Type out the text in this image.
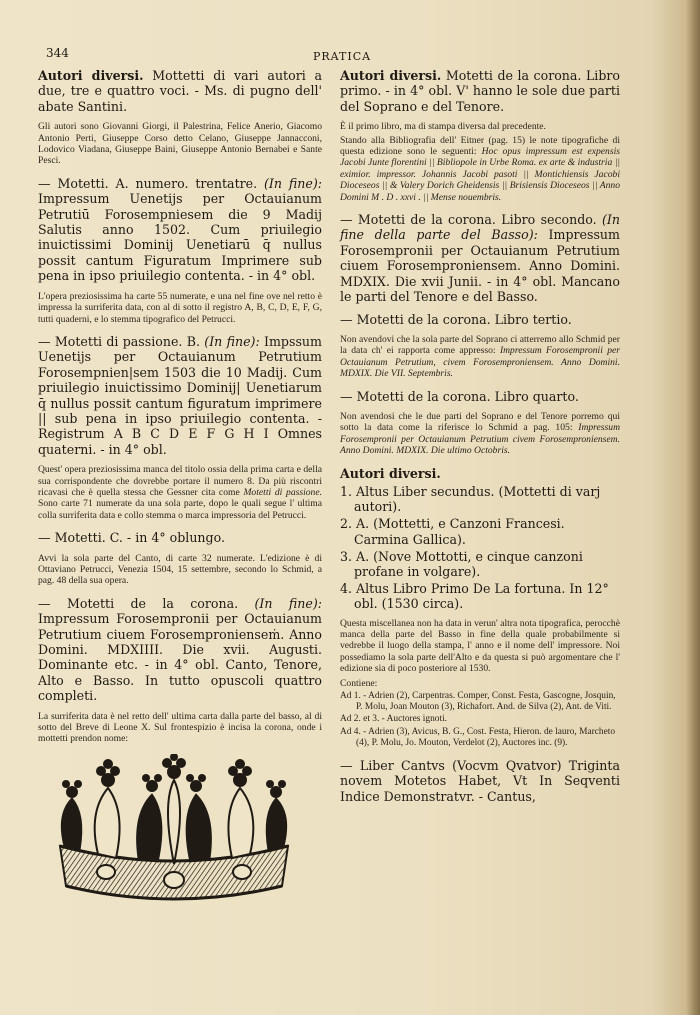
344	PRATICA

Autori diversi. Mottetti di vari autori a due, tre e quattro voci. - Ms. di pugno dell' abate Santini.

Gli autori sono Giovanni Giorgi, il Palestrina, Felice Anerio, Giacomo Antonio Perti, Giuseppe Corso detto Celano, Giuseppe Jannacconi, Lodovico Viadana, Giuseppe Baini, Giuseppe Antonio Bernabei e Sante Pesci.

— Motetti. A. numero. trentatre. (In fine): Impressum Uenetijs per Octauianum Petrutiū Forosempniesem die 9 Madij Salutis anno 1502. Cum priuilegio inuictissimi Dominij Uenetiarū q̄ nullus possit cantum Figuratum Imprimere sub pena in ipso priuilegio contenta. - in 4° obl.

L'opera preziosissima ha carte 55 numerate, e una nel fine ove nel retto è impressa la surriferita data, con al di sotto il registro A, B, C, D, E, F, G, tutti quaderni, e lo stemma tipografico del Petrucci.

— Motetti di passione. B. (In fine): Impssum Uenetijs per Octauianum Petrutium Forosempnien|sem 1503 die 10 Madij. Cum priuilegio inuictissimo Dominij| Uenetiarum q̄ nullus possit cantum figuratum imprimere || sub pena in ipso priuilegio contenta. - Registrum A B C D E F G H I Omnes quaterni. - in 4° obl.

Quest' opera preziosissima manca del titolo ossia della prima carta e della sua corrispondente che dovrebbe portare il numero 8. Da più riscontri ricavasi che è quella stessa che Gessner cita come Motetti di passione. Sono carte 71 numerate da una sola parte, dopo le quali segue l' ultima colla surriferita data e collo stemma o marca impressoria del Petrucci.

— Motetti. C. - in 4° oblungo.

Avvi la sola parte del Canto, di carte 32 numerate. L'edizione è di Ottaviano Petrucci, Venezia 1504, 15 settembre, secondo lo Schmid, a pag. 48 della sua opera.

— Motetti de la corona. (In fine): Impressum Forosempronii per Octauianum Petrutium ciuem Forosempronienseṁ. Anno Domini. MDXIIII. Die xvii. Augusti. Dominante etc. - in 4° obl. Canto, Tenore, Alto e Basso. In tutto opuscoli quattro completi.

La surriferita data è nel retto dell' ultima carta dalla parte del basso, al di sotto del Breve di Leone X. Sul frontespizio è incisa la corona, onde i mottetti prendon nome:

Autori diversi. Motetti de la corona. Libro primo. - in 4° obl. V' hanno le sole due parti del Soprano e del Tenore.

È il primo libro, ma di stampa diversa dal precedente.

Stando alla Bibliografia dell' Eitner (pag. 15) le note tipografiche di questa edizione sono le seguenti: Hoc opus impressum est expensis Jacobi Junte florentini || Bibliopole in Urbe Roma. ex arte & industria || eximior. impressor. Johannis Jacobi pasoti || Montichiensis Jacobi Dioceseos || & Valery Dorich Gheidensis || Brisiensis Dioceseos || Anno Domini M . D . xxvi . || Mense nouembris.

— Motetti de la corona. Libro secondo. (In fine della parte del Basso): Impressum Forosempronii per Octauianum Petrutium ciuem Forosemproniensem. Anno Domini. MDXIX. Die xvii Junii. - in 4° obl. Mancano le parti del Tenore e del Basso.

— Motetti de la corona. Libro tertio.

Non avendovi che la sola parte del Soprano ci atterremo allo Schmid per la data ch' ei rapporta come appresso: Impressum Forosempronii per Octauianum Petrutium, civem Forosemproniensem. Anno Domini. MDXIX. Die VII. Septembris.

— Motetti de la corona. Libro quarto.

Non avendosi che le due parti del Soprano e del Tenore porremo qui sotto la data come la riferisce lo Schmid a pag. 105: Impressum Forosempronii per Octauianum Petrutium civem Forosemproniensem. Anno Domini. MDXIX. Die ultimo Octobris.

Autori diversi.

1. Altus Liber secundus. (Mottetti di varj autori).
2. A. (Mottetti, e Canzoni Francesi. Carmina Gallica).
3. A. (Nove Mottotti, e cinque canzoni profane in volgare).
4. Altus Libro Primo De La fortuna. In 12° obl. (1530 circa).

Questa miscellanea non ha data in verun' altra nota tipografica, perocchè manca della parte del Basso in fine della quale probabilmente si vedrebbe il luogo della stampa, l' anno e il nome dell' impressore. Noi possediamo la sola parte dell'Alto e da questa si può argomentare che l' edizione sia di poco posteriore al 1530.

Contiene:

Ad 1. - Adrien (2), Carpentras. Comper, Const. Festa, Gascogne, Josquin, P. Molu, Joan Mouton (3), Richafort. And. de Silva (2), Ant. de Viti.

Ad 2. et 3. - Auctores ignoti.

Ad 4. - Adrien (3), Avicus, B. G., Cost. Festa, Hieron. de lauro, Marcheto (4), P. Molu, Jo. Mouton, Verdelot (2), Auctores inc. (9).

— Liber Cantvs (Vocvm Qvatvor) Triginta novem Motetos Habet, Vt In Seqventi Indice Demonstratvr. - Cantus,
